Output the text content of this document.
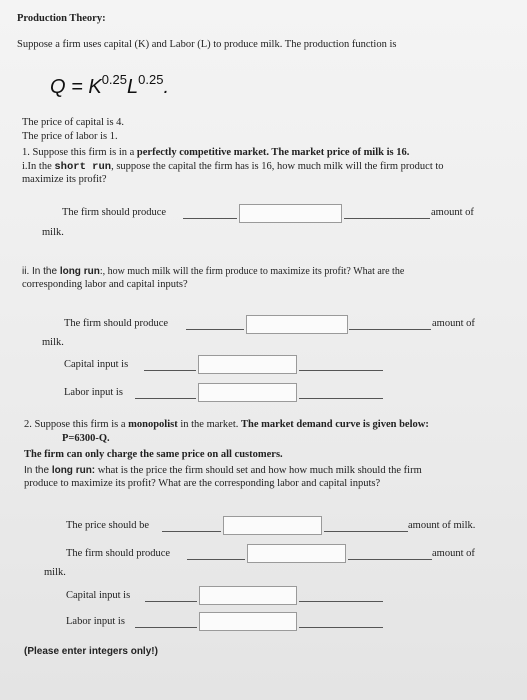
Production Theory:
Suppose a firm uses capital (K) and Labor (L) to produce milk. The production function is
$Q = K^{0.25}L^{0.25}$.
The price of capital is 4.
The price of labor is 1.
1. Suppose this firm is in a perfectly competitive market. The market price of milk is 16.
i.In the short run, suppose the capital the firm has is 16, how much milk will the firm product to
maximize its profit?
The firm should produce	amount of
milk.
ii. In the long run:, how much milk will the firm produce to maximize its profit? What are the
corresponding labor and capital inputs?
The firm should produce	amount of
milk.
Capital input is
Labor input is
2. Suppose this firm is a monopolist in the market. The market demand curve is given below:
P=6300-Q.
The firm can only charge the same price on all customers.
In the long run: what is the price the firm should set and how how much milk should the firm
produce to maximize its profit? What are the corresponding labor and capital inputs?
The price should be	amount of milk.
The firm should produce	amount of
milk.
Capital input is
Labor input is
(Please enter integers only!)
